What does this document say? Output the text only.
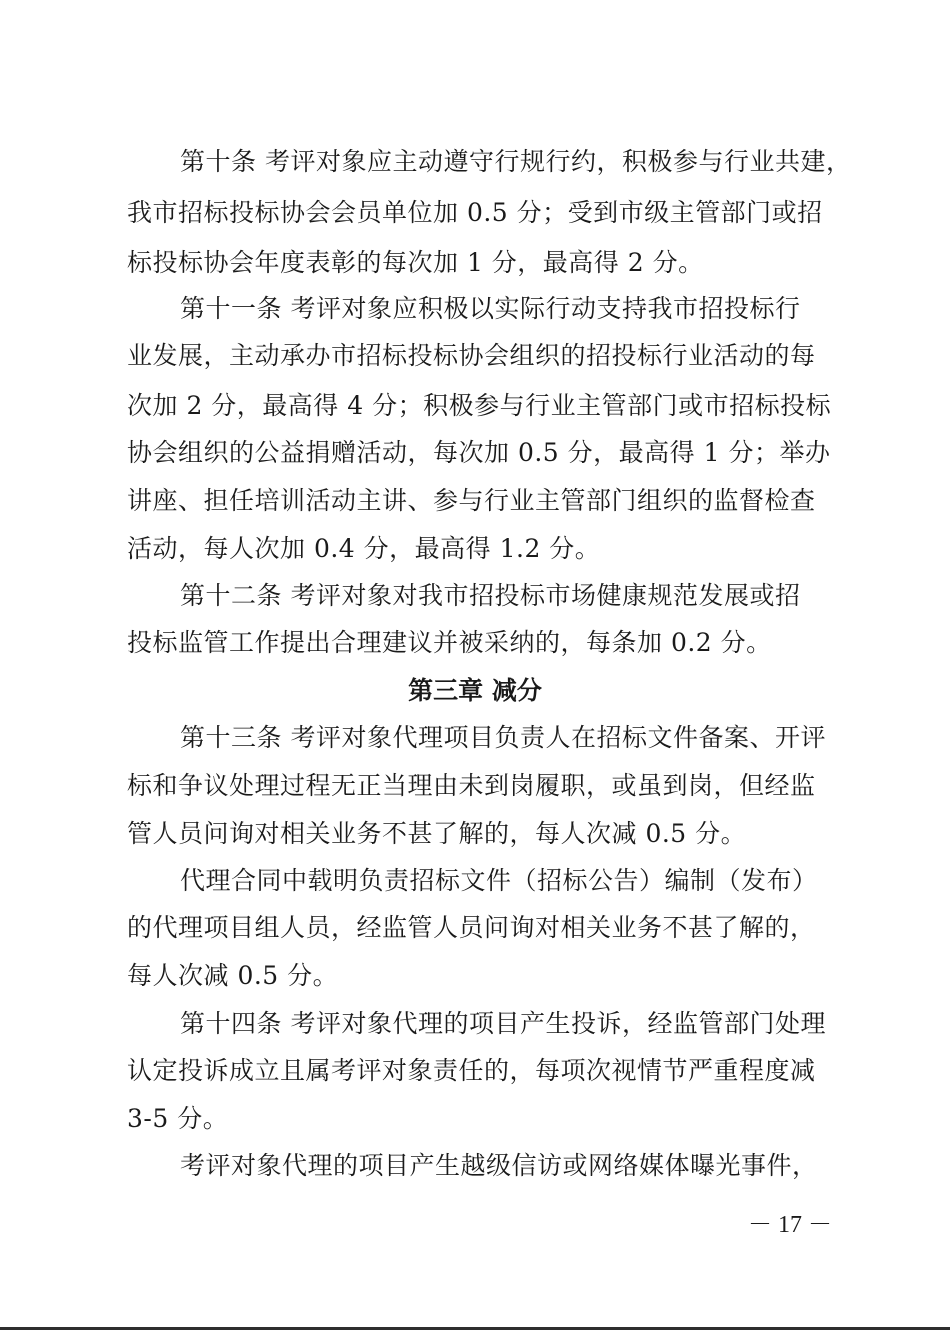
第十条 考评对象应主动遵守行规行约，积极参与行业共建，
我市招标投标协会会员单位加 0.5 分；受到市级主管部门或招
标投标协会年度表彰的每次加 1 分，最高得 2 分。
第十一条 考评对象应积极以实际行动支持我市招投标行
业发展，主动承办市招标投标协会组织的招投标行业活动的每
次加 2 分，最高得 4 分；积极参与行业主管部门或市招标投标
协会组织的公益捐赠活动，每次加 0.5 分，最高得 1 分；举办
讲座、担任培训活动主讲、参与行业主管部门组织的监督检查
活动，每人次加 0.4 分，最高得 1.2 分。
第十二条 考评对象对我市招投标市场健康规范发展或招
投标监管工作提出合理建议并被采纳的，每条加 0.2 分。
第三章 减分
第十三条 考评对象代理项目负责人在招标文件备案、开评
标和争议处理过程无正当理由未到岗履职，或虽到岗，但经监
管人员问询对相关业务不甚了解的，每人次减 0.5 分。
代理合同中载明负责招标文件（招标公告）编制（发布）
的代理项目组人员，经监管人员问询对相关业务不甚了解的，
每人次减 0.5 分。
第十四条 考评对象代理的项目产生投诉，经监管部门处理
认定投诉成立且属考评对象责任的，每项次视情节严重程度减
3-5 分。
考评对象代理的项目产生越级信访或网络媒体曝光事件，
－ 17 －
